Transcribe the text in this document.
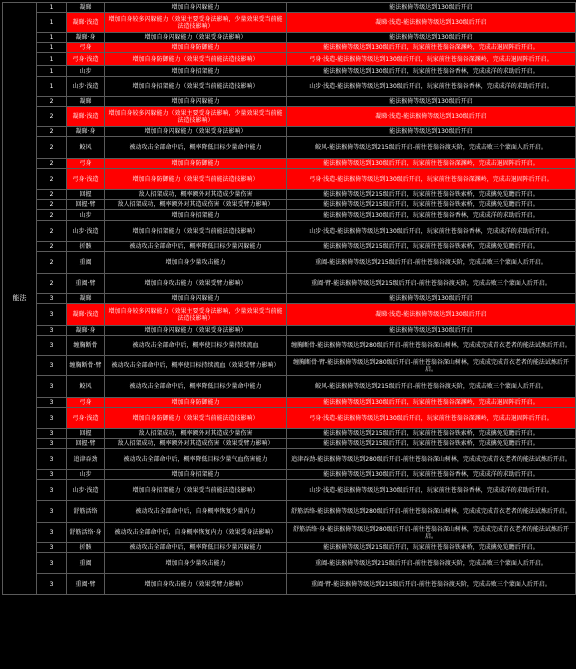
能法	1	凝睇	增加自身闪躲能力	能法猴倚等级达到130级后开启
	1	凝睇·浅造	增加自身较多闪躲能力（效果主要受身法影响，少量效果受当前能法造技影响）	凝睇·浅造-能法猴倚等级达到130级后开启
	1	凝睇·身	增加自身闪躲能力（效果受身法影响）	能法猴倚等级达到130级后开启
	1	弓身	增加自身防御能力	能法猴倚等级达到130级后开启，玩家前往苍翁谷深渊岭，完成击退固阵后开启。
	1	弓身·浅造	增加自身防御能力（效果受当前能法造技影响）	弓身·浅造-能法猴倚等级达到130级后开启，玩家前往苍翁谷深渊岭，完成击退固阵后开启。
	1	山步	增加自身招架能力	能法猴倚等级达到130级后开启，玩家前往苍翁谷香林，完成成洋的求助后开启。
	1	山步·浅造	增加自身招架能力（效果受当前能法造技影响）	山步·浅造-能法猴倚等级达到130级后开启，玩家前往苍翁谷香林，完成成洋的求助后开启。
	2	凝睇	增加自身闪躲能力	能法猴倚等级达到130级后开启
	2	凝睇·浅造	增加自身较多闪躲能力（效果主要受身法影响，少量效果受当前能法造技影响）	凝睇·浅造-能法猴倚等级达到130级后开启
	2	凝睇·身	增加自身闪躲能力（效果受身法影响）	能法猴倚等级达到130级后开启
	2	鲛风	被动攻击全部命中后，概率降低目标少量命中能力	鲛风-能法猴倚等级达到215级后开启-前往苍翁谷渡天阶，完成击败三个蒙面人后开启。
	2	弓身	增加自身防御能力	能法猴倚等级达到130级后开启，玩家前往苍翁谷深渊岭，完成击退固阵后开启。
	2	弓身·浅造	增加自身防御能力（效果受当前能法造技影响）	弓身·浅造-能法猴倚等级达到130级后开启，玩家前往苍翁谷深渊岭，完成击退固阵后开启。
	2	回握	敌人招架成功，概率额外对其造成少量伤害	能法猴倚等级达到215级后开启，玩家前往苍翁谷铁索桥，完成擒免览瞻后开启。
	2	回握·臂	敌人招架成功，概率额外对其造成伤害（效果受臂力影响）	能法猴倚等级达到215级后开启，玩家前往苍翁谷铁索桥，完成擒免览瞻后开启。
	2	山步	增加自身招架能力	能法猴倚等级达到130级后开启，玩家前往苍翁谷香林，完成成洋的求助后开启。
	2	山步·浅造	增加自身招架能力（效果受当前能法造技影响）	山步·浅造-能法猴倚等级达到130级后开启，玩家前往苍翁谷香林，完成成洋的求助后开启。
	2	折骸	被动攻击全部命中后，概率降低目标少量闪躲能力	能法猴倚等级达到215级后开启，玩家前往苍翁谷铁索桥，完成擒免览瞻后开启。
	2	重阖	增加自身少量攻击能力	重阖-能法猴倚等级达到215级后开启-前往苍翁谷渡天阶，完成击败三个蒙面人后开启。
	2	重阖·臂	增加自身攻击能力（效果受臂力影响）	重阖·臂-能法猴倚等级达到215级后开启-前往苍翁谷渡天阶，完成击败三个蒙面人后开启。
	3	凝睇	增加自身闪躲能力	能法猴倚等级达到130级后开启
	3	凝睇·浅造	增加自身较多闪躲能力（效果主要受身法影响，少量效果受当前能法造技影响）	凝睇·浅造-能法猴倚等级达到130级后开启
	3	凝睇·身	增加自身闪躲能力（效果受身法影响）	能法猴倚等级达到130级后开启
	3	缠胸断骨	被动攻击全部命中后，概率使目标少量持续流血	缠胸断骨-能法猴倚等级达到280级后开启-前往苍翁谷深山树林，完成成完成青衣老者的能法试炼后开启。
	3	缠胸断骨·臂	被动攻击全部命中后，概率使目标持续流血（效果受臂力影响）	缠胸断骨·臂-能法猴倚等级达到280级后开启-前往苍翁谷深山树林，完成成完成青衣老者的能法试炼后开启。
	3	鲛风	被动攻击全部命中后，概率降低目标少量命中能力	鲛风-能法猴倚等级达到215级后开启-前往苍翁谷渡天阶，完成击败三个蒙面人后开启。
	3	弓身	增加自身防御能力	能法猴倚等级达到130级后开启，玩家前往苍翁谷深渊岭，完成击退固阵后开启。
	3	弓身·浅造	增加自身防御能力（效果受当前能法造技影响）	弓身·浅造-能法猴倚等级达到130级后开启，玩家前往苍翁谷深渊岭，完成击退固阵后开启。
	3	回握	敌人招架成功，概率额外对其造成少量伤害	能法猴倚等级达到215级后开启，玩家前往苍翁谷铁索桥，完成擒免览瞻后开启。
	3	回握·臂	敌人招架成功，概率额外对其造成伤害（效果受臂力影响）	能法猴倚等级达到215级后开启，玩家前往苍翁谷铁索桥，完成擒免览瞻后开启。
	3	追津吞劲	被动攻击全部命中后，概率降低目标少量气血伤害能力	追津吞劲-能法猴倚等级达到280级后开启-前往苍翁谷深山树林，完成成完成青衣老者的能法试炼后开启。
	3	山步	增加自身招架能力	能法猴倚等级达到130级后开启，玩家前往苍翁谷香林，完成成洋的求助后开启。
	3	山步·浅造	增加自身招架能力（效果受当前能法造技影响）	山步·浅造-能法猴倚等级达到130级后开启，玩家前往苍翁谷香林，完成成洋的求助后开启。
	3	舒筋活络	被动攻击全部命中后，自身概率恢复少量内力	舒筋活络-能法猴倚等级达到280级后开启-前往苍翁谷深山树林，完成成完成青衣老者的能法试炼后开启。
	3	舒筋活络·身	被动攻击全部命中后，自身概率恢复内力（效果受身法影响）	舒筋活络·身-能法猴倚等级达到280级后开启-前往苍翁谷深山树林，完成成完成青衣老者的能法试炼后开启。
	3	折骸	被动攻击全部命中后，概率降低目标少量闪躲能力	能法猴倚等级达到215级后开启，玩家前往苍翁谷铁索桥，完成擒免览瞻后开启。
	3	重阖	增加自身少量攻击能力	重阖-能法猴倚等级达到215级后开启-前往苍翁谷渡天阶，完成击败三个蒙面人后开启。
	3	重阖·臂	增加自身攻击能力（效果受臂力影响）	重阖·臂-能法猴倚等级达到215级后开启-前往苍翁谷渡天阶，完成击败三个蒙面人后开启。
